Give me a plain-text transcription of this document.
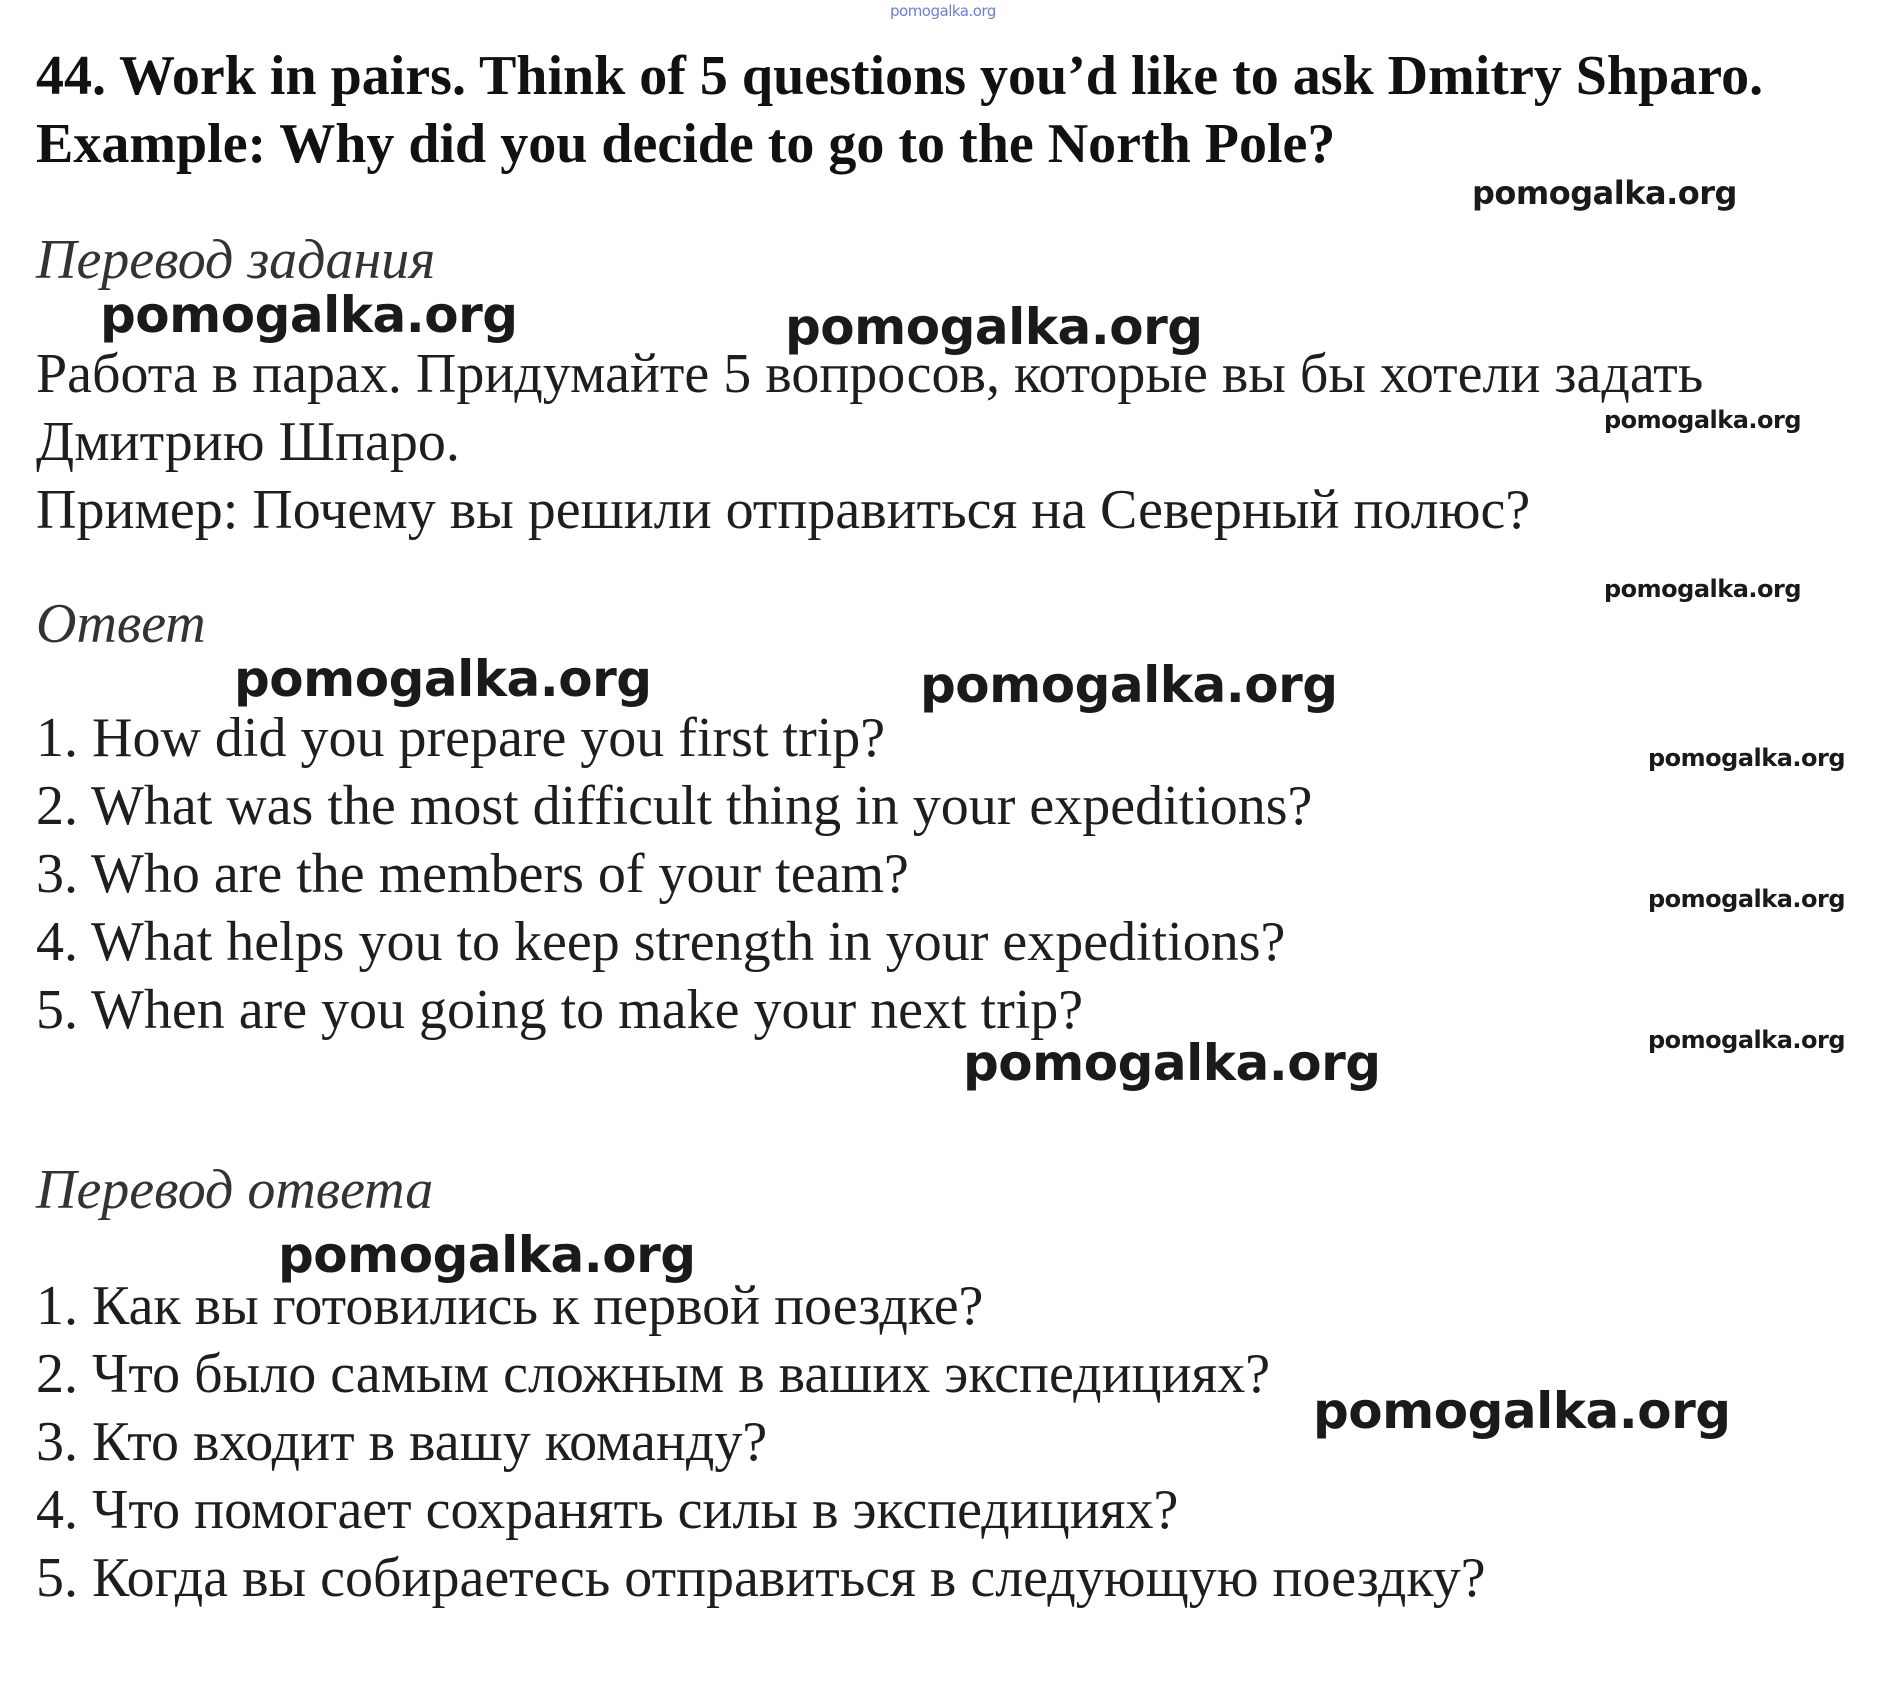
pomogalka.org
44. Work in pairs. Think of 5 questions you’d like to ask Dmitry Shparo.
Example: Why did you decide to go to the North Pole?
pomogalka.org
Перевод задания
pomogalka.org	pomogalka.org
Работа в парах. Придумайте 5 вопросов, которые вы бы хотели задать
Дмитрию Шпаро.
Пример: Почему вы решили отправиться на Северный полюс?
pomogalka.org
pomogalka.org
Ответ
pomogalka.org	pomogalka.org
1. How did you prepare you first trip?
2. What was the most difficult thing in your expeditions?
3. Who are the members of your team?
4. What helps you to keep strength in your expeditions?
5. When are you going to make your next trip?
pomogalka.org
pomogalka.org
pomogalka.org
pomogalka.org
Перевод ответа
pomogalka.org
1. Как вы готовились к первой поездке?
2. Что было самым сложным в ваших экспедициях?
3. Кто входит в вашу команду?
4. Что помогает сохранять силы в экспедициях?
5. Когда вы собираетесь отправиться в следующую поездку?
pomogalka.org
